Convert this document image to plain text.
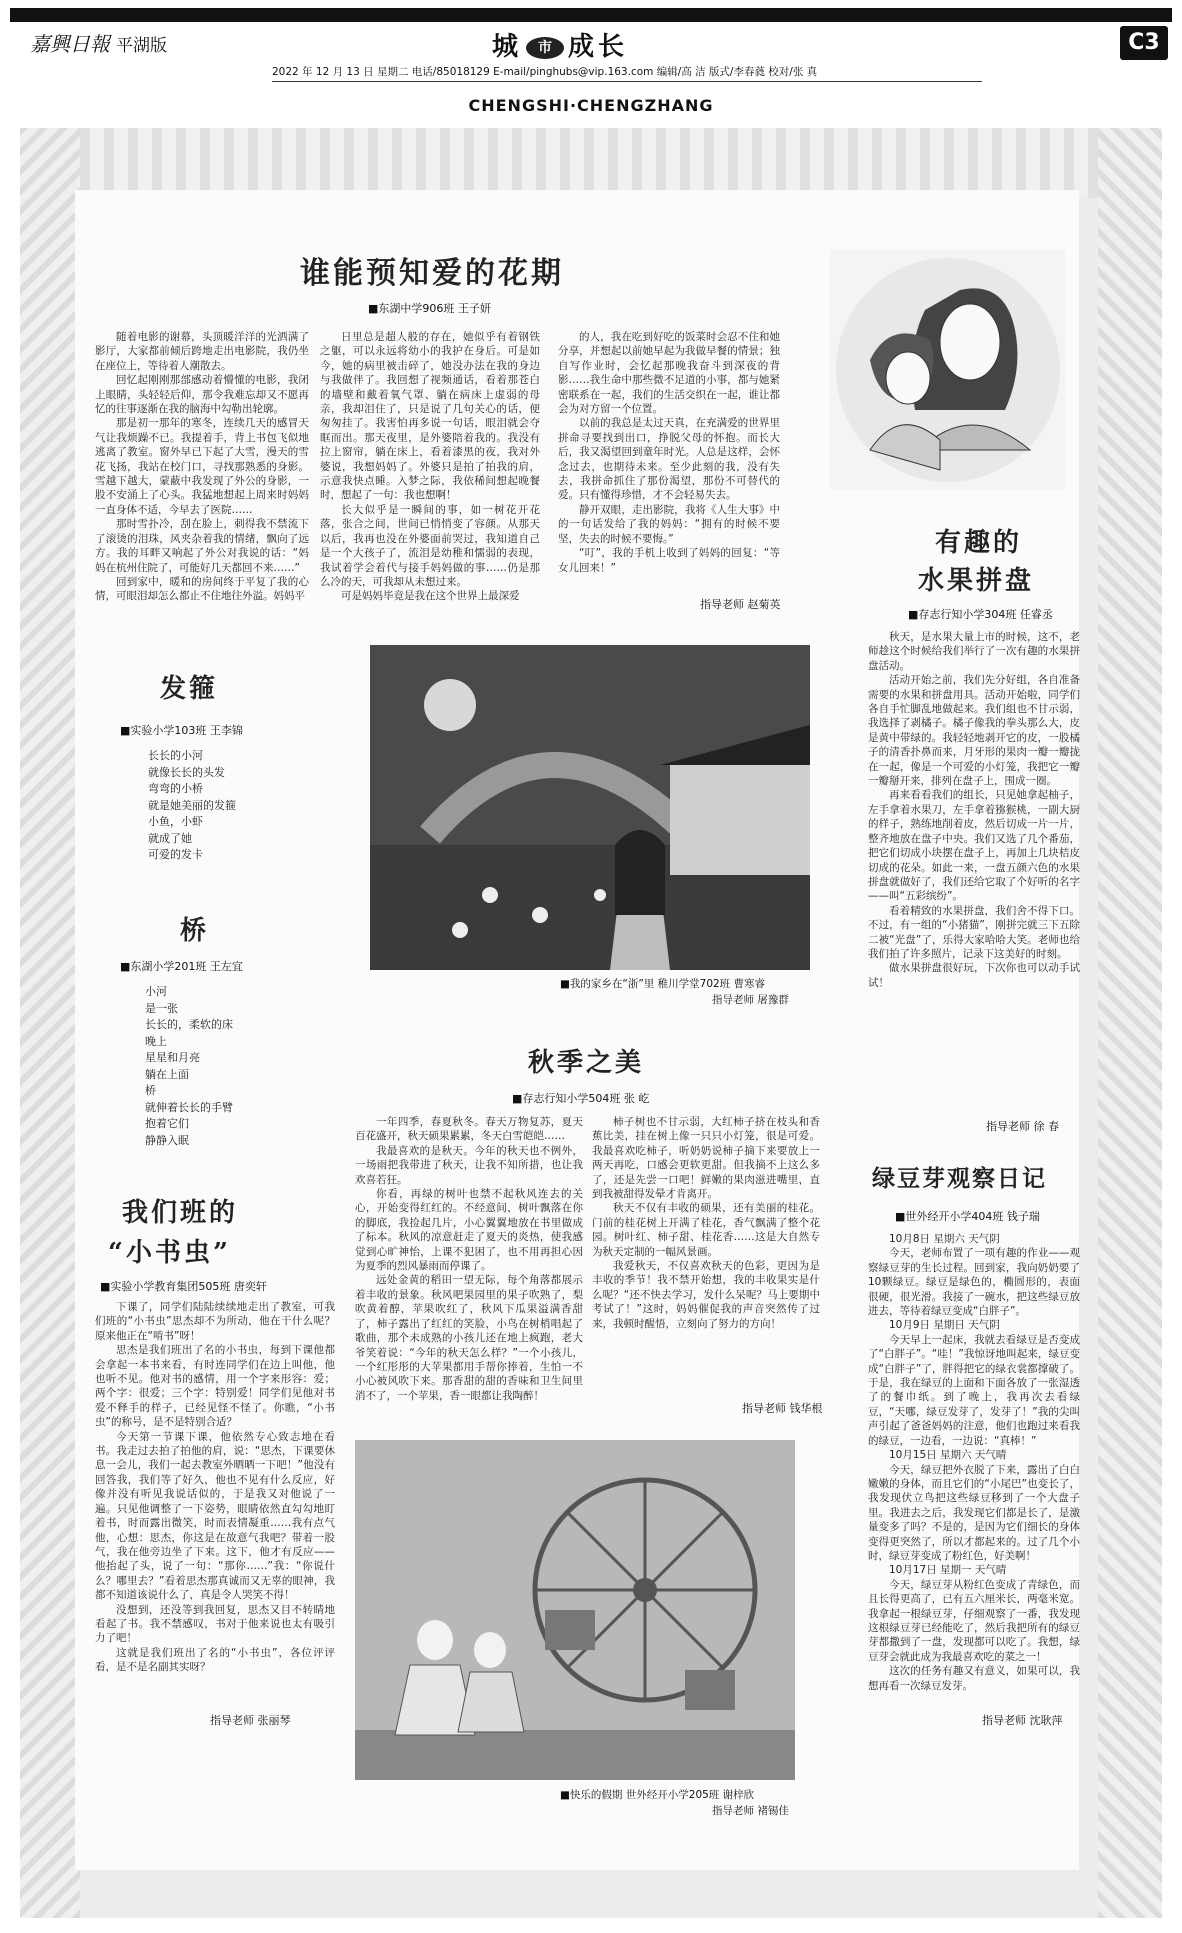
嘉興日報 平湖版	城 市 成长	C3
2022 年 12 月 13 日 星期二 电话/85018129 E-mail/pinghubs@vip.163.com 编辑/高 洁 版式/李春蕤 校对/张 真
CHENGSHI·CHENGZHANG
谁能预知爱的花期
■东湖中学906班 王子妍

随着电影的谢幕，头顶暖洋洋的光洒满了影厅，大家都前倾后跨地走出电影院，我仍坐在座位上，等待着人潮散去。

回忆起刚刚那部感动着懵懂的电影，我闭上眼睛，头轻轻后仰，那令我难忘却又不愿再忆的往事逐渐在我的脑海中勾勒出轮廓。

那是初一那年的寒冬，连续几天的感冒天气让我烦躁不已。我提着手，背上书包飞似地逃离了教室。窗外早已下起了大雪，漫天的雪花飞扬，我站在校门口，寻找那熟悉的身影。雪越下越大，蒙蔽中我发现了外公的身影，一股不安涌上了心头。我猛地想起上周来时妈妈一直身体不适，今早去了医院……

那时雪扑冷，刮在脸上，刺得我不禁流下了滚烫的泪珠，风夹杂着我的情绪，飘向了远方。我的耳畔又响起了外公对我说的话：“妈妈在杭州住院了，可能好几天都回不来……”

回到家中，暖和的房间终于平复了我的心情，可眼泪却怎么都止不住地往外溢。妈妈平

日里总是超人般的存在，她似乎有着钢铁之躯，可以永远将幼小的我护在身后。可是如今，她的病里被击碎了，她没办法在我的身边与我做伴了。我回想了视频通话，看着那苍白的墙壁和戴着氧气罩、躺在病床上虚弱的母亲，我却泪住了，只是说了几句关心的话，便匆匆挂了。我害怕再多说一句话，眼泪就会夺眶而出。那天夜里，是外婆陪着我的。我没有拉上窗帘，躺在床上，看着漆黑的夜，我对外婆说，我想妈妈了。外婆只是拍了拍我的肩，示意我快点睡。入梦之际，我依稀间想起晚餐时，想起了一句：我也想啊！

长大似乎是一瞬间的事，如一树花开花落，张合之间，世间已悄悄变了容颜。从那天以后，我再也没在外婆面前哭过，我知道自己是一个大孩子了，流泪是幼稚和懦弱的表现，我试着学会着代与接手妈妈做的事……仍是那么冷的天，可我却从未想过来。

可是妈妈毕竟是我在这个世界上最深爱

的人，我在吃到好吃的饭菜时会忍不住和她分享，并想起以前她早起为我做早餐的情景；独自写作业时，会忆起那晚我奋斗到深夜的背影……我生命中那些微不足道的小事，都与她紧密联系在一起，我们的生活交织在一起，谁让都会为对方留一个位置。

以前的我总是太过天真，在充满爱的世界里拼命寻要找到出口，挣脱父母的怀抱。而长大后，我又渴望回到童年时光。人总是这样，会怀念过去，也期待未来。至少此刻的我，没有失去，我拼命抓住了那份渴望，那份不可替代的爱。只有懂得珍惜，才不会轻易失去。

静开双眼，走出影院，我将《人生大事》中的一句话发给了我的妈妈：“拥有的时候不要坚，失去的时候不要悔。”

“叮”，我的手机上收到了妈妈的回复：“等女儿回来！”

指导老师 赵菊英
发箍
■实验小学103班 王李锦
长长的小河
就像长长的头发
弯弯的小桥
就是她美丽的发箍
小鱼，小虾
就成了她
可爱的发卡
桥
■东湖小学201班 王左宜
小河
是一张
长长的，柔软的床
晚上
星星和月亮
躺在上面
桥
就伸着长长的手臂
抱着它们
静静入眠
■我的家乡在“浙”里 稚川学堂702班 曹寒睿
指导老师 屠豫群
秋季之美
■存志行知小学504班 张 屹

一年四季，春夏秋冬。春天万物复苏，夏天百花盛开，秋天硕果累累，冬天白雪皑皑……

我最喜欢的是秋天。今年的秋天也不例外，一场雨把我带进了秋天，让我不知所措，也让我欢喜若狂。

你看，再绿的树叶也禁不起秋风连去的关心，开始变得红红的。不经意间，树叶飘落在你的脚底，我捡起几片，小心翼翼地放在书里做成了标本。秋风的凉意赶走了夏天的炎热，使我感觉到心旷神怡，上课不犯困了，也不用再担心因为夏季的烈风暴雨而停课了。

远处金黄的稻田一望无际，每个角落都展示着丰收的景象。秋风吧果园里的果子吹熟了，梨吹黄着醇，苹果吹红了，秋风下瓜果溢满香甜了，柿子露出了红红的笑脸，小鸟在树梢唱起了歌曲，那个未成熟的小孩儿还在地上疯跑，老大爷笑着说：“今年的秋天怎么样？”一个小孩儿，一个红彤彤的大苹果都用手帮你捧着，生怕一不小心被风吹下来。那香甜的甜的香味和卫生间里消不了，一个苹果，香一眼都让我陶醉！

柿子树也不甘示弱，大红柿子挤在枝头和香蕉比美，挂在树上像一只只小灯笼，很是可爱。我最喜欢吃柿子，听奶奶说柿子摘下来要放上一两天再吃，口感会更软更甜。但我摘不上这么多了，还是先尝一口吧！鲜嫩的果肉滋进嘴里，直到我被甜得发晕才肯离开。

秋天不仅有丰收的硕果，还有美丽的桂花。门前的桂花树上开满了桂花，香气飘满了整个花园。树叶红、柿子甜、桂花香……这是大自然专为秋天定制的一幅风景画。

我爱秋天，不仅喜欢秋天的色彩，更因为是丰收的季节！我不禁开始想，我的丰收果实是什么呢？“还不快去学习，发什么呆呢？马上要期中考试了！”这时，妈妈催促我的声音突然传了过来，我顿时醒悟，立刻向了努力的方向！

指导老师 钱华根
■快乐的假期 世外经开小学205班 谢梓欣
指导老师 褚锡佳
我们班的
“小书虫”
■实验小学教育集团505班 唐奕轩

下课了，同学们陆陆续续地走出了教室，可我们班的“小书虫”思杰却不为所动，他在干什么呢？原来他正在“啃书”呀！

思杰是我们班出了名的小书虫，每到下课他都会拿起一本书来看，有时连同学们在边上叫他，他也听不见。他对书的感情，用一个字来形容：爱；两个字：很爱；三个字：特别爱！同学们见他对书爱不释手的样子，已经见怪不怪了。你瞧，“小书虫”的称号，是不是特别合适？

今天第一节课下课，他依然专心致志地在看书。我走过去拍了拍他的肩，说：“思杰，下课要休息一会儿，我们一起去教室外晒晒一下吧！”他没有回答我，我们等了好久，他也不见有什么反应，好像并没有听见我说话似的，于是我又对他说了一遍。只见他调整了一下姿势，眼睛依然直勾勾地盯着书，时而露出微笑，时而表情凝重……我有点气他，心想：思杰，你这是在故意气我吧？带着一股气，我在他旁边坐了下来。这下，他才有反应——他抬起了头，说了一句：“那你……”我：“你说什么？哪里去？”看着思杰那真诚而又无辜的眼神，我都不知道该说什么了，真是令人哭笑不得！

没想到，还没等到我回复，思杰又目不转睛地看起了书。我不禁感叹，书对于他来说也太有吸引力了吧！

这就是我们班出了名的“小书虫”，各位评评看，是不是名副其实呀？

指导老师 张丽琴
有趣的
水果拼盘
■存志行知小学304班 任睿丞

秋天，是水果大量上市的时候，这不，老师趁这个时候给我们举行了一次有趣的水果拼盘活动。

活动开始之前，我们先分好组，各自准备需要的水果和拼盘用具。活动开始啦，同学们各自手忙脚乱地做起来。我们组也不甘示弱，我选择了剥橘子。橘子像我的拳头那么大，皮是黄中带绿的。我轻轻地剥开它的皮，一股橘子的清香扑鼻而来，月牙形的果肉一瓣一瓣拢在一起，像是一个可爱的小灯笼，我把它一瓣一瓣掰开来，排列在盘子上，围成一圈。

再来看看我们的组长，只见她拿起柚子，左手拿着水果刀，左手拿着猕猴桃，一副大厨的样子，熟练地削着皮，然后切成一片一片，整齐地放在盘子中央。我们又选了几个番茄，把它们切成小块摆在盘子上，再加上几块桔皮切成的花朵。如此一来，一盘五颜六色的水果拼盘就做好了，我们还给它取了个好听的名字——叫“五彩缤纷”。

看着精致的水果拼盘，我们舍不得下口。不过，有一组的“小猪猫”，刚拼完就三下五除二被“光盘”了，乐得大家哈哈大笑。老师也给我们拍了许多照片，记录下这美好的时刻。

做水果拼盘很好玩，下次你也可以动手试试！

指导老师 徐 春
绿豆芽观察日记
■世外经开小学404班 钱子瑞

10月8日 星期六 天气阴

今天，老师布置了一项有趣的作业——观察绿豆芽的生长过程。回到家，我向奶奶要了10颗绿豆。绿豆是绿色的，椭圆形的，表面很硬，很光滑。我接了一碗水，把这些绿豆放进去，等待着绿豆变成“白胖子”。

10月9日 星期日 天气阴

今天早上一起床，我就去看绿豆是否变成了“白胖子”。“哇！”我惊讶地叫起来，绿豆变成“白胖子”了，胖得把它的绿衣裳都撑破了。于是，我在绿豆的上面和下面各放了一张湿透了的餐巾纸。到了晚上，我再次去看绿豆，“天哪，绿豆发芽了，发芽了！”我的尖叫声引起了爸爸妈妈的注意，他们也跑过来看我的绿豆，一边看，一边说：“真棒！”

10月15日 星期六 天气晴

今天，绿豆把外衣脱了下来，露出了白白嫩嫩的身体，而且它们的“小尾巴”也变长了，我发现伏立鸟把这些绿豆移到了一个大盘子里。我进去之后，我发现它们都是长了，是激量变多了吗？不是的，是因为它们细长的身体变得更突然了，所以才都起来的。过了几个小时，绿豆芽变成了粉红色，好美啊！

10月17日 星期一 天气晴

今天，绿豆芽从粉红色变成了青绿色，而且长得更高了，已有五六厘米长，两毫米宽。我拿起一根绿豆芽，仔细观察了一番，我发现这根绿豆芽已经能吃了，然后我把所有的绿豆芽都撒到了一盘，发现都可以吃了。我想，绿豆芽会就此成为我最喜欢吃的菜之一！

这次的任务有趣又有意义，如果可以，我想再看一次绿豆发芽。

指导老师 沈耿萍
